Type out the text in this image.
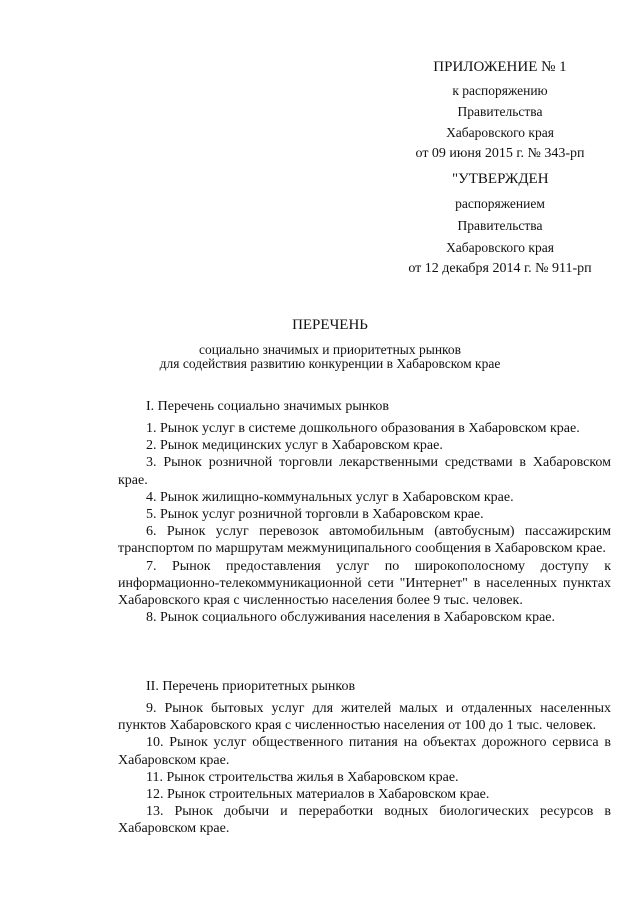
ПРИЛОЖЕНИЕ № 1
к распоряжению
Правительства
Хабаровского края
от 09 июня 2015 г. № 343-рп
"УТВЕРЖДЕН
распоряжением
Правительства
Хабаровского края
от 12 декабря 2014 г. № 911-рп
ПЕРЕЧЕНЬ
социально значимых и приоритетных рынков
для содействия развитию конкуренции в Хабаровском крае
I. Перечень социально значимых рынков

1. Рынок услуг в системе дошкольного образования в Хабаровском крае.

2. Рынок медицинских услуг в Хабаровском крае.

3. Рынок розничной торговли лекарственными средствами в Хабаровском крае.

4. Рынок жилищно-коммунальных услуг в Хабаровском крае.

5. Рынок услуг розничной торговли в Хабаровском крае.

6. Рынок услуг перевозок автомобильным (автобусным) пассажирским транспортом по маршрутам межмуниципального сообщения в Хабаровском крае.

7. Рынок предоставления услуг по широкополосному доступу к информационно-телекоммуникационной сети "Интернет" в населенных пунктах Хабаровского края с численностью населения более 9 тыс. человек.

8. Рынок социального обслуживания населения в Хабаровском крае.

II. Перечень приоритетных рынков

9. Рынок бытовых услуг для жителей малых и отдаленных населенных пунктов Хабаровского края с численностью населения от 100 до 1 тыс. человек.

10. Рынок услуг общественного питания на объектах дорожного сервиса в Хабаровском крае.

11. Рынок строительства жилья в Хабаровском крае.

12. Рынок строительных материалов в Хабаровском крае.

13. Рынок добычи и переработки водных биологических ресурсов в Хабаровском крае.
